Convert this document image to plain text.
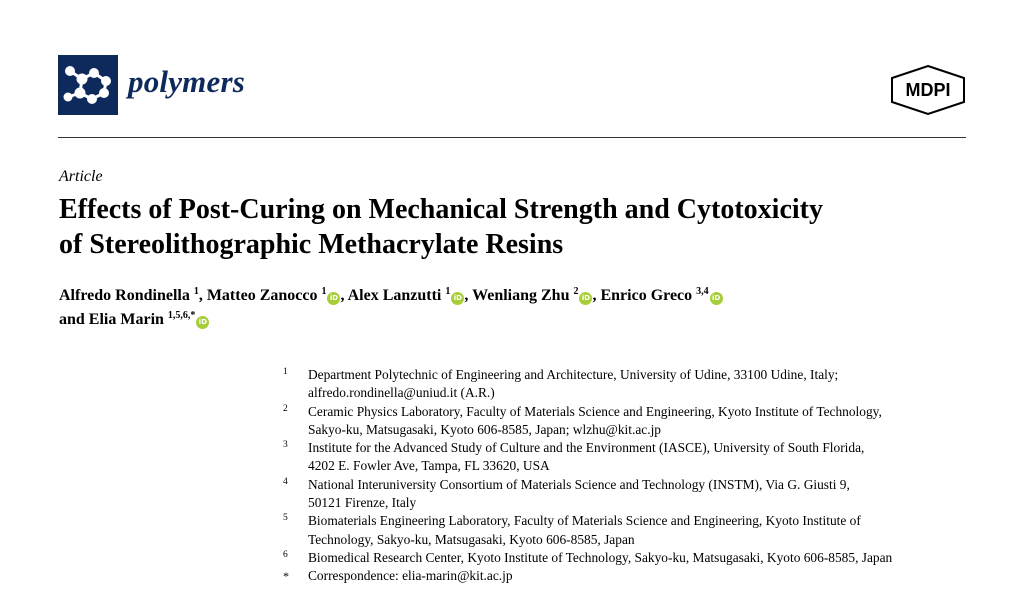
polymers	MDPI
Article
Effects of Post-Curing on Mechanical Strength and Cytotoxicity
of Stereolithographic Methacrylate Resins
Alfredo Rondinella $^1$, Matteo Zanocco $^1$iD , Alex Lanzutti $^1$iD , Wenliang Zhu $^2$iD , Enrico Greco $^{3,4}$iD
and Elia Marin $^{1,5,6,*}$iD
1 Department Polytechnic of Engineering and Architecture, University of Udine, 33100 Udine, Italy;
alfredo.rondinella@uniud.it (A.R.)
2 Ceramic Physics Laboratory, Faculty of Materials Science and Engineering, Kyoto Institute of Technology,
Sakyo-ku, Matsugasaki, Kyoto 606-8585, Japan; wlzhu@kit.ac.jp
3 Institute for the Advanced Study of Culture and the Environment (IASCE), University of South Florida,
4202 E. Fowler Ave, Tampa, FL 33620, USA
4 National Interuniversity Consortium of Materials Science and Technology (INSTM), Via G. Giusti 9,
50121 Firenze, Italy
5 Biomaterials Engineering Laboratory, Faculty of Materials Science and Engineering, Kyoto Institute of
Technology, Sakyo-ku, Matsugasaki, Kyoto 606-8585, Japan
6 Biomedical Research Center, Kyoto Institute of Technology, Sakyo-ku, Matsugasaki, Kyoto 606-8585, Japan
* Correspondence: elia-marin@kit.ac.jp
